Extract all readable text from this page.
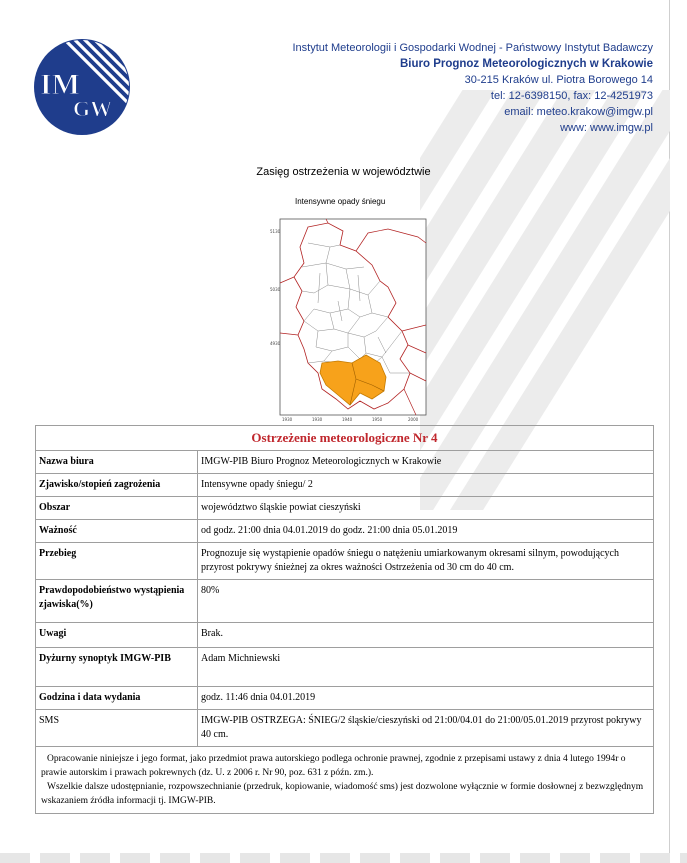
IM
GW
Instytut Meteorologii i Gospodarki Wodnej - Państwowy Instytut Badawczy
Biuro Prognoz Meteorologicznych w Krakowie
30-215 Kraków ul. Piotra Borowego 14
tel: 12-6398150, fax: 12-4251973
email: meteo.krakow@imgw.pl
www: www.imgw.pl
Zasięg ostrzeżenia w województwie
Intensywne opady śniegu
5130
5030
4930
1930	1930	1940	1950	2000
Ostrzeżenie meteorologiczne Nr 4	
Nazwa biura	IMGW-PIB Biuro Prognoz Meteorologicznych w Krakowie
Zjawisko/stopień zagrożenia	Intensywne opady śniegu/ 2
Obszar	województwo śląskie powiat cieszyński
Ważność	od godz. 21:00 dnia 04.01.2019 do godz. 21:00 dnia 05.01.2019
Przebieg	Prognozuje się wystąpienie opadów śniegu o natężeniu umiarkowanym okresami silnym, powodujących przyrost pokrywy śnieżnej za okres ważności Ostrzeżenia od 30 cm do 40 cm.
Prawdopodobieństwo wystąpienia zjawiska(%)	80%
Uwagi	Brak.
Dyżurny synoptyk IMGW-PIB	Adam Michniewski
Godzina i data wydania	godz. 11:46 dnia 04.01.2019
SMS	IMGW-PIB OSTRZEGA: ŚNIEG/2 śląskie/cieszyński od 21:00/04.01 do 21:00/05.01.2019 przyrost pokrywy 40 cm.

Opracowanie niniejsze i jego format, jako przedmiot prawa autorskiego podlega ochronie prawnej, zgodnie z przepisami ustawy z dnia 4 lutego 1994r o prawie autorskim i prawach pokrewnych (dz. U. z 2006 r. Nr 90, poz. 631 z późn. zm.).

Wszelkie dalsze udostępnianie, rozpowszechnianie (przedruk, kopiowanie, wiadomość sms) jest dozwolone wyłącznie w formie dosłownej z bezwzględnym wskazaniem źródła informacji tj. IMGW-PIB.	
